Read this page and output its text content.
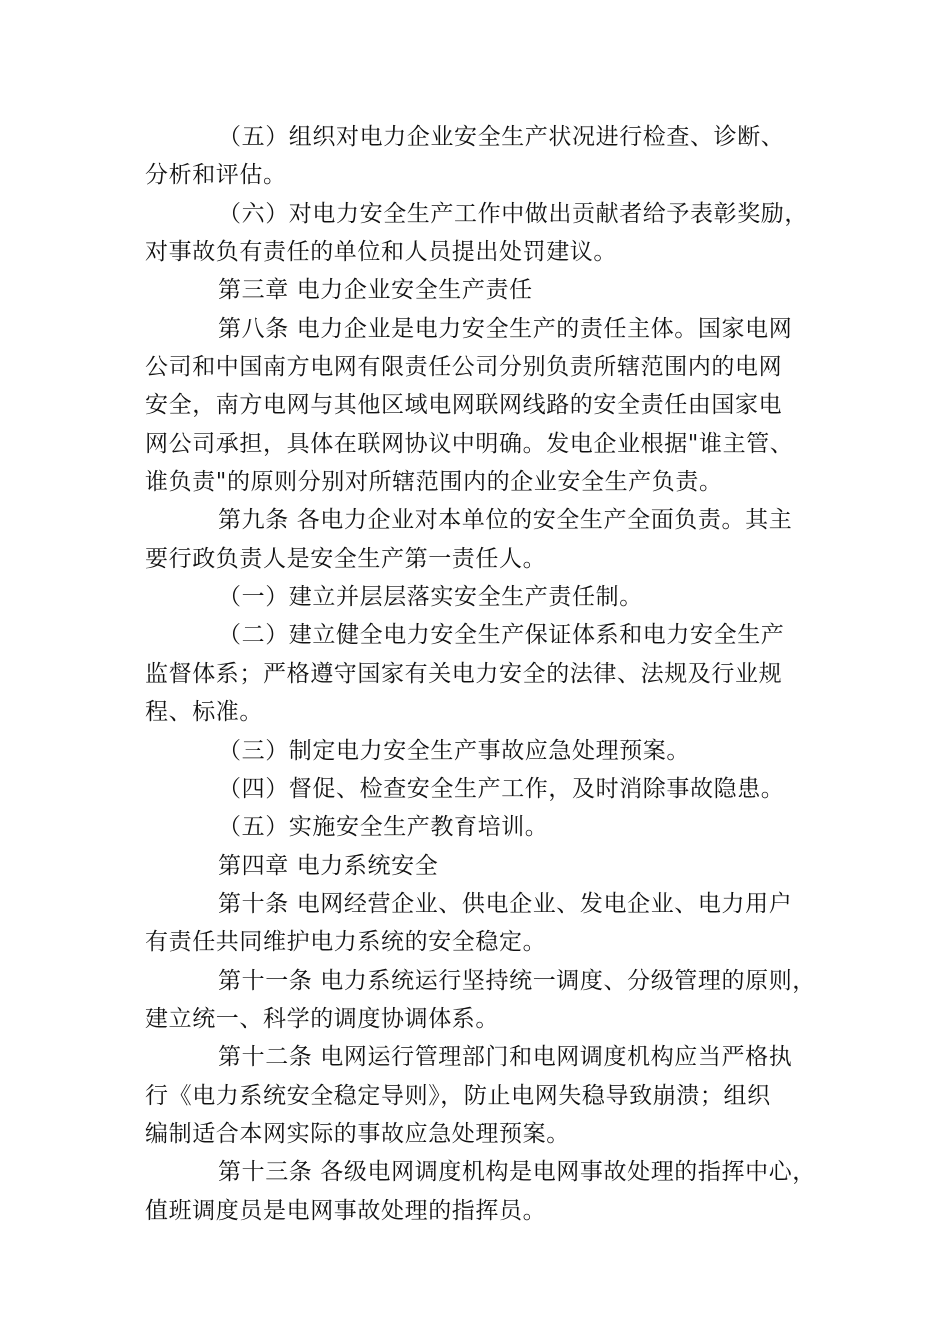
（五）组织对电力企业安全生产状况进行检查、诊断、
分析和评估。
（六）对电力安全生产工作中做出贡献者给予表彰奖励，
对事故负有责任的单位和人员提出处罚建议。
第三章 电力企业安全生产责任
第八条 电力企业是电力安全生产的责任主体。国家电网
公司和中国南方电网有限责任公司分别负责所辖范围内的电网
安全，南方电网与其他区域电网联网线路的安全责任由国家电
网公司承担，具体在联网协议中明确。发电企业根据"谁主管、
谁负责"的原则分别对所辖范围内的企业安全生产负责。
第九条 各电力企业对本单位的安全生产全面负责。其主
要行政负责人是安全生产第一责任人。
（一）建立并层层落实安全生产责任制。
（二）建立健全电力安全生产保证体系和电力安全生产
监督体系；严格遵守国家有关电力安全的法律、法规及行业规
程、标准。
（三）制定电力安全生产事故应急处理预案。
（四）督促、检查安全生产工作，及时消除事故隐患。
（五）实施安全生产教育培训。
第四章 电力系统安全
第十条 电网经营企业、供电企业、发电企业、电力用户
有责任共同维护电力系统的安全稳定。
第十一条 电力系统运行坚持统一调度、分级管理的原则，
建立统一、科学的调度协调体系。
第十二条 电网运行管理部门和电网调度机构应当严格执
行《电力系统安全稳定导则》，防止电网失稳导致崩溃；组织
编制适合本网实际的事故应急处理预案。
第十三条 各级电网调度机构是电网事故处理的指挥中心，
值班调度员是电网事故处理的指挥员。
